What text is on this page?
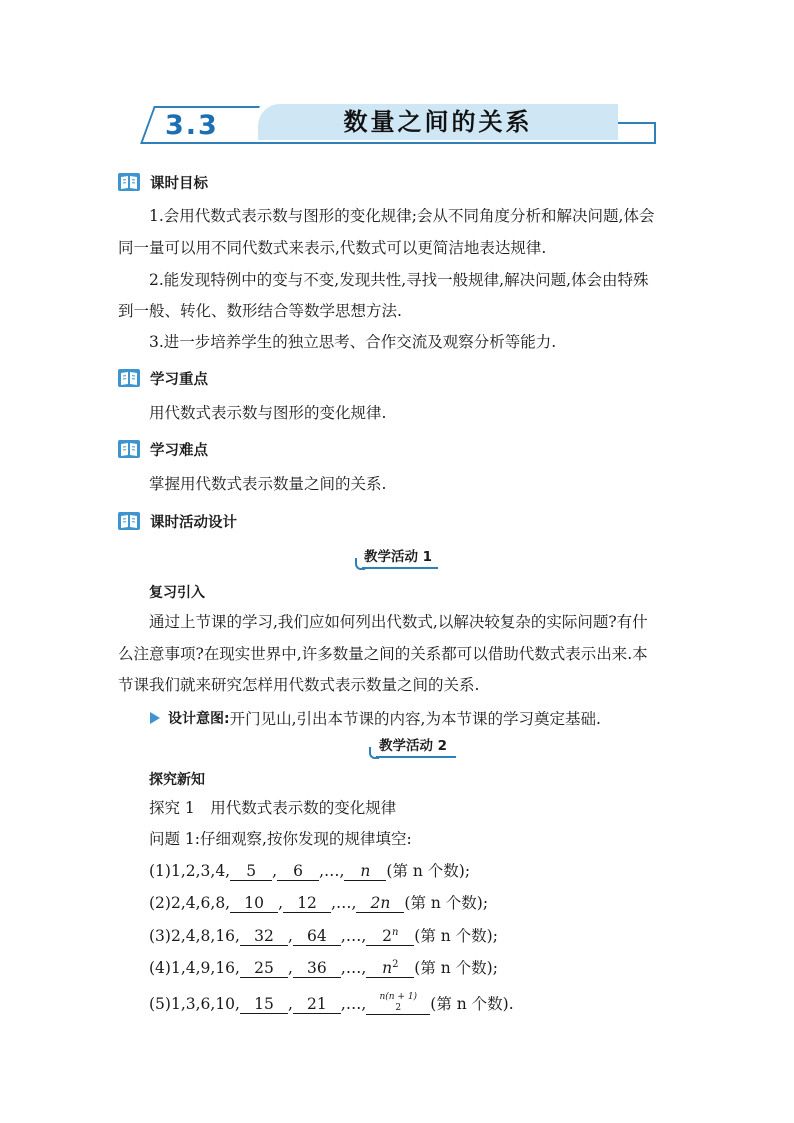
3.3	数量之间的关系
课时目标
1.会用代数式表示数与图形的变化规律;会从不同角度分析和解决问题,体会
同一量可以用不同代数式来表示,代数式可以更简洁地表达规律.
2.能发现特例中的变与不变,发现共性,寻找一般规律,解决问题,体会由特殊
到一般、转化、数形结合等数学思想方法.
3.进一步培养学生的独立思考、合作交流及观察分析等能力.
学习重点
用代数式表示数与图形的变化规律.
学习难点
掌握用代数式表示数量之间的关系.
课时活动设计
教学活动 1
复习引入
通过上节课的学习,我们应如何列出代数式,以解决较复杂的实际问题?有什
么注意事项?在现实世界中,许多数量之间的关系都可以借助代数式表示出来.本
节课我们就来研究怎样用代数式表示数量之间的关系.
设计意图: 开门见山,引出本节课的内容,为本节课的学习奠定基础.
教学活动 2
探究新知
探究 1　用代数式表示数的变化规律
问题 1:仔细观察,按你发现的规律填空:
(1)1,2,3,4, 5 , 6 ,…, n (第 n 个数);
(2)2,4,6,8, 10 , 12 ,…, 2n (第 n 个数);
(3)2,4,8,16, 32 , 64 ,…, 2$^n$ (第 n 个数);
(4)1,4,9,16, 25 , 36 ,…, $n^2$ (第 n 个数);
(5)1,3,6,10, 15 , 21 ,…, n(n + 1)
2	(第 n 个数).
